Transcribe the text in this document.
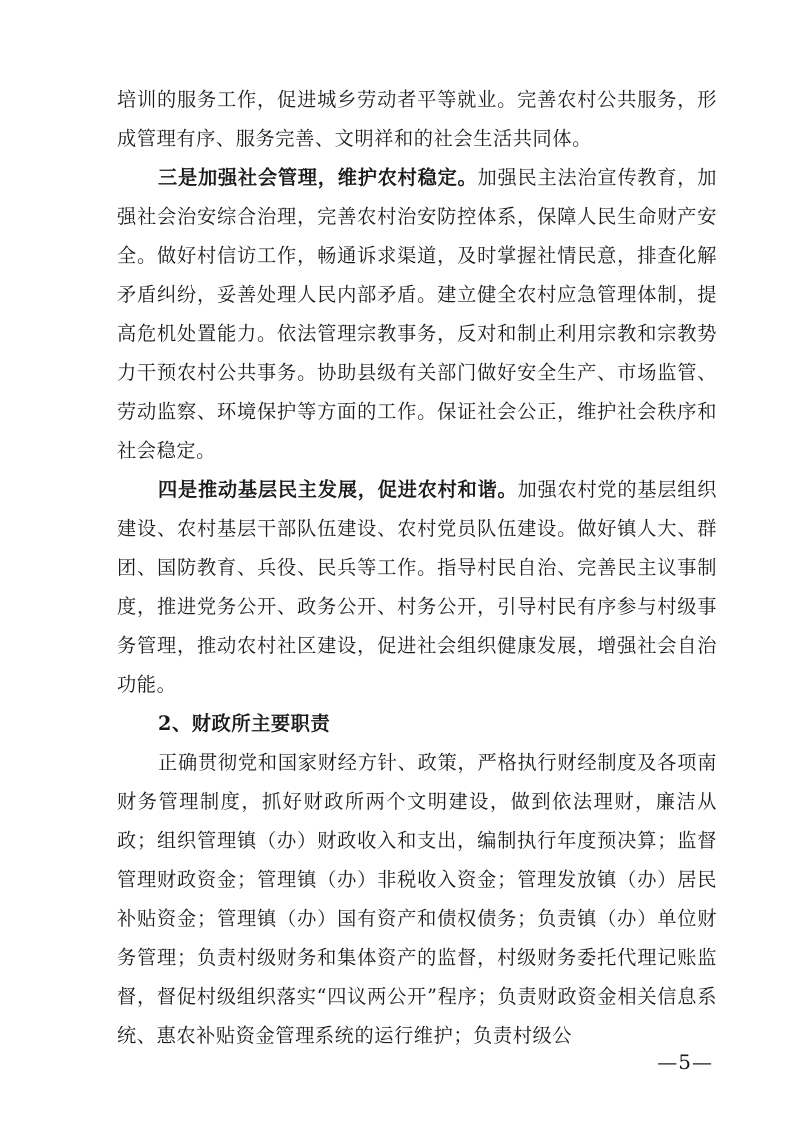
培训的服务工作，促进城乡劳动者平等就业。完善农村公共服务，形成管理有序、服务完善、文明祥和的社会生活共同体。

三是加强社会管理，维护农村稳定。加强民主法治宣传教育，加强社会治安综合治理，完善农村治安防控体系，保障人民生命财产安全。做好村信访工作，畅通诉求渠道，及时掌握社情民意，排查化解矛盾纠纷，妥善处理人民内部矛盾。建立健全农村应急管理体制，提高危机处置能力。依法管理宗教事务，反对和制止利用宗教和宗教势力干预农村公共事务。协助县级有关部门做好安全生产、市场监管、劳动监察、环境保护等方面的工作。保证社会公正，维护社会秩序和社会稳定。

四是推动基层民主发展，促进农村和谐。加强农村党的基层组织建设、农村基层干部队伍建设、农村党员队伍建设。做好镇人大、群团、国防教育、兵役、民兵等工作。指导村民自治、完善民主议事制度，推进党务公开、政务公开、村务公开，引导村民有序参与村级事务管理，推动农村社区建设，促进社会组织健康发展，增强社会自治功能。

2、财政所主要职责

正确贯彻党和国家财经方针、政策，严格执行财经制度及各项南财务管理制度，抓好财政所两个文明建设，做到依法理财，廉洁从政；组织管理镇（办）财政收入和支出，编制执行年度预决算；监督管理财政资金；管理镇（办）非税收入资金；管理发放镇（办）居民补贴资金；管理镇（办）国有资产和债权债务；负责镇（办）单位财务管理；负责村级财务和集体资产的监督，村级财务委托代理记账监督，督促村级组织落实“四议两公开”程序；负责财政资金相关信息系统、惠农补贴资金管理系统的运行维护；负责村级公

—5—
